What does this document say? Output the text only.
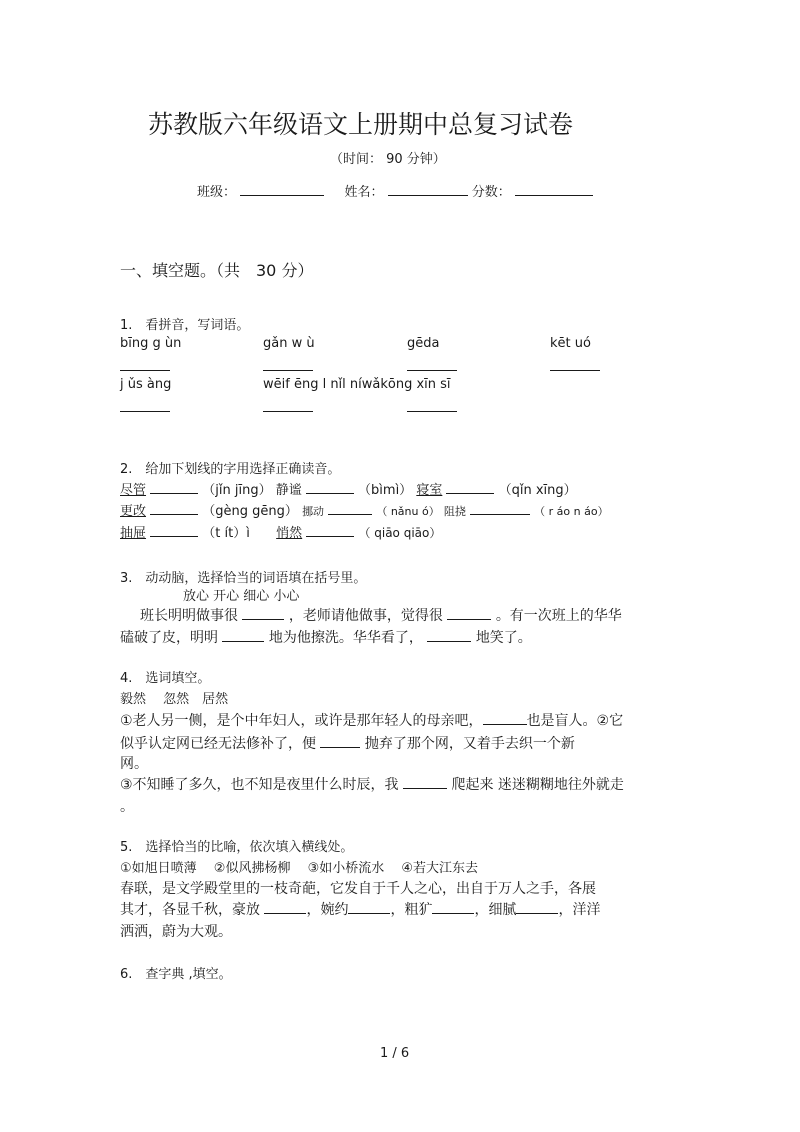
苏教版六年级语文上册期中总复习试卷
（时间： 90 分钟）
班级：	姓名：	分数：
一、填空题。（共　30 分）
1.　看拼音，写词语。
bīng g ùn	gǎn w ù	gēda	kēt uó
j ǔs àng	wēif ēng l nǐl níwǎkōng xīn sī
2.　给加下划线的字用选择正确读音。
尽管	（jǐn jīng） 静谧	（bìmì） 寝室	（qǐn xīng）
更改	（gèng gēng） 挪动	（ nǎnu ó） 阻挠	（ r áo n áo）
抽屉	（t ít）ì 悄然	（ qiāo qiāo）
3.　动动脑，选择恰当的词语填在括号里。
放心 开心 细心 小心
班长明明做事很	，老师请他做事，觉得很	。有一次班上的华华
磕破了皮，明明	地为他擦洗。华华看了，	地笑了。
4.　选词填空。
毅然　 忽然　居然
①老人另一侧，是个中年妇人，或许是那年轻人的母亲吧，	也是盲人。②它
似乎认定网已经无法修补了，便	抛弃了那个网，又着手去织一个新
网。
③不知睡了多久，也不知是夜里什么时辰，我	爬起来 迷迷糊糊地往外就走
。
5.　选择恰当的比喻，依次填入横线处。
①如旭日喷薄　 ②似风拂杨柳　 ③如小桥流水　 ④若大江东去
春联，是文学殿堂里的一枝奇葩，它发自于千人之心，出自于万人之手，各展
其才，各显千秋，豪放	，婉约	，粗犷	，细腻	，洋洋
洒洒，蔚为大观。
6.　查字典 ,填空。
1 / 6
